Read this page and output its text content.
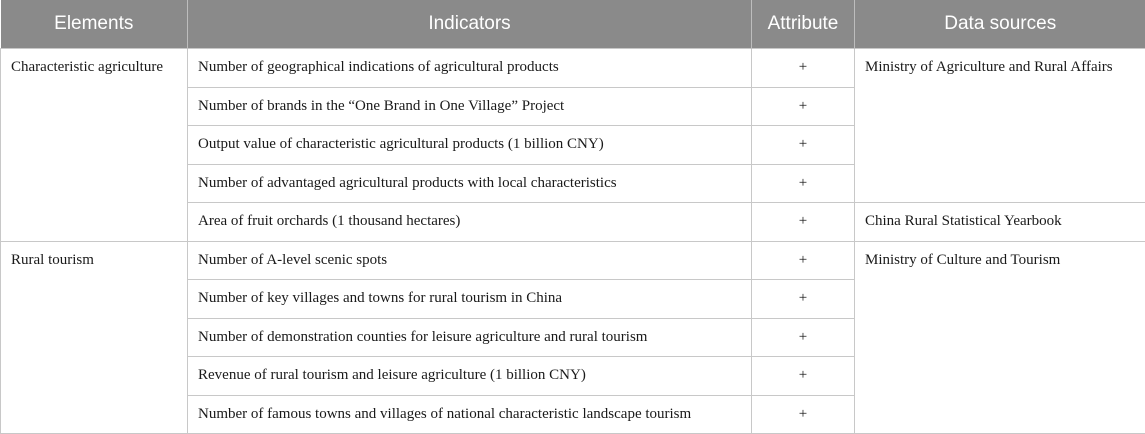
Elements	Indicators	Attribute	Data sources
Characteristic agriculture	Number of geographical indications of agricultural products	+	Ministry of Agriculture and Rural Affairs
	Number of brands in the “One Brand in One Village” Project	+	
	Output value of characteristic agricultural products (1 billion CNY)	+	
	Number of advantaged agricultural products with local characteristics	+	
	Area of fruit orchards (1 thousand hectares)	+	China Rural Statistical Yearbook
Rural tourism	Number of A-level scenic spots	+	Ministry of Culture and Tourism
	Number of key villages and towns for rural tourism in China	+	
	Number of demonstration counties for leisure agriculture and rural tourism	+	
	Revenue of rural tourism and leisure agriculture (1 billion CNY)	+	
	Number of famous towns and villages of national characteristic landscape tourism	+	
